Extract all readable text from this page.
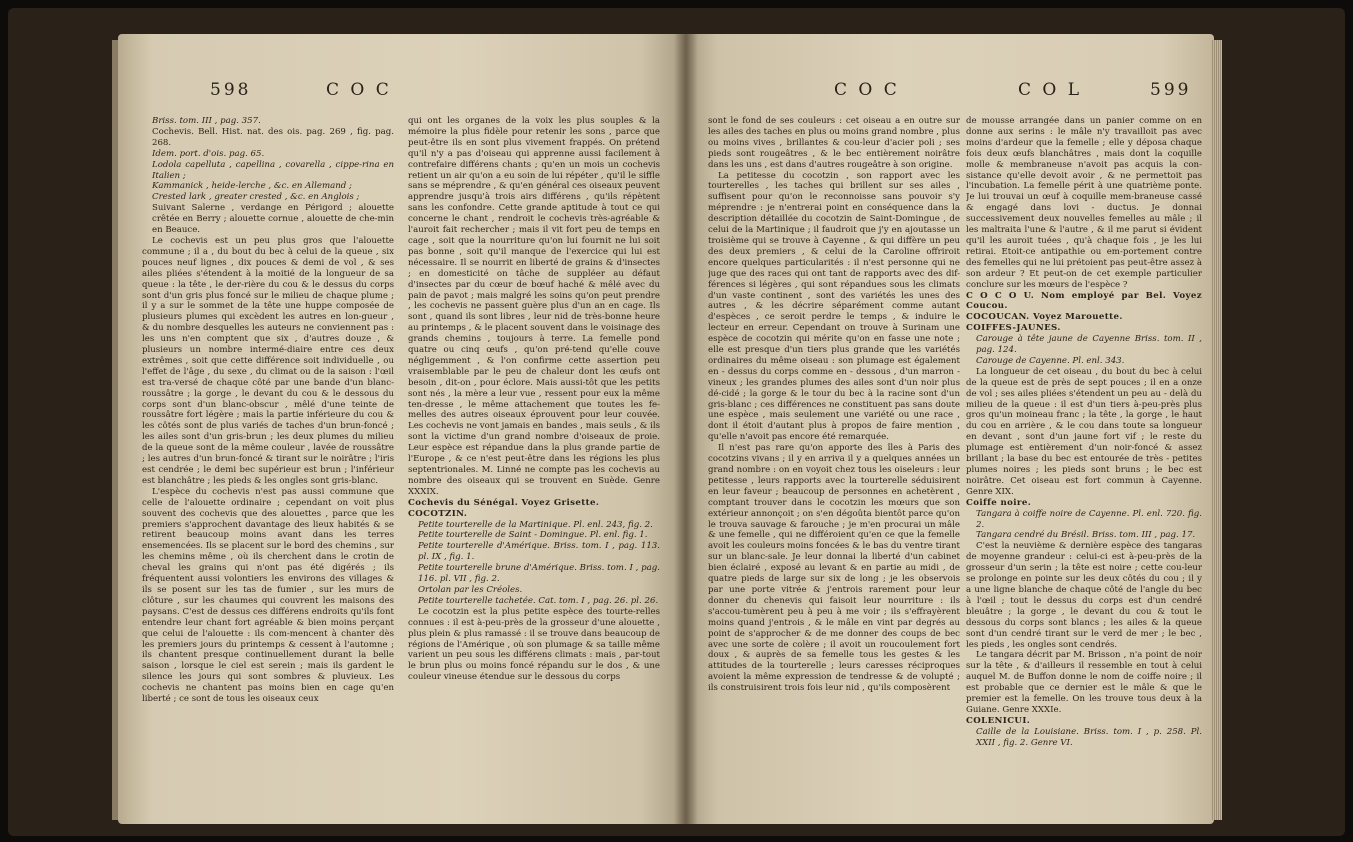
598	C O C

Briss. tom. III , pag. 357.

Cochevis. Bell. Hist. nat. des ois. pag. 269 , fig. pag. 268.

Idem. port. d'ois. pag. 65.

Lodola capelluta , capellina , covarella , cippe-rina en Italien ;

Kammanick , heide-lerche , &c. en Allemand ;

Crested lark , greater crested , &c. en Anglois ;

Suivant Salerne , verdange en Périgord ; alouette crêtée en Berry ; alouette cornue , alouette de che-min en Beauce.

Le cochevis est un peu plus gros que l'alouette commune ; il a , du bout du bec à celui de la queue , six pouces neuf lignes , dix pouces & demi de vol , & ses ailes pliées s'étendent à la moitié de la longueur de sa queue : la tête , le der-rière du cou & le dessus du corps sont d'un gris plus foncé sur le milieu de chaque plume ; il y a sur le sommet de la tête une huppe composée de plusieurs plumes qui excèdent les autres en lon-gueur , & du nombre desquelles les auteurs ne conviennent pas : les uns n'en comptent que six , d'autres douze , & plusieurs un nombre intermé-diaire entre ces deux extrêmes , soit que cette différence soit individuelle , ou l'effet de l'âge , du sexe , du climat ou de la saison : l'œil est tra-versé de chaque côté par une bande d'un blanc-roussâtre ; la gorge , le devant du cou & le dessous du corps sont d'un blanc-obscur , mêlé d'une teinte de roussâtre fort légère ; mais la partie inférieure du cou & les côtés sont de plus variés de taches d'un brun-foncé ; les ailes sont d'un gris-brun ; les deux plumes du milieu de la queue sont de la même couleur , lavée de roussâtre ; les autres d'un brun-foncé & tirant sur le noirâtre ; l'iris est cendrée ; le demi bec supérieur est brun ; l'inférieur est blanchâtre ; les pieds & les ongles sont gris-blanc.

L'espèce du cochevis n'est pas aussi commune que celle de l'alouette ordinaire ; cependant on voit plus souvent des cochevis que des alouettes , parce que les premiers s'approchent davantage des lieux habités & se retirent beaucoup moins avant dans les terres ensemencées. Ils se placent sur le bord des chemins , sur les chemins même , où ils cherchent dans le crotin de cheval les grains qui n'ont pas été digérés ; ils fréquentent aussi volontiers les environs des villages & ils se posent sur les tas de fumier , sur les murs de clôture , sur les chaumes qui couvrent les maisons des paysans. C'est de dessus ces différens endroits qu'ils font entendre leur chant fort agréable & bien moins perçant que celui de l'alouette : ils com-mencent à chanter dès les premiers jours du printemps & cessent à l'automne ; ils chantent presque continuellement durant la belle saison , lorsque le ciel est serein ; mais ils gardent le silence les jours qui sont sombres & pluvieux. Les cochevis ne chantent pas moins bien en cage qu'en liberté ; ce sont de tous les oiseaux ceux

qui ont les organes de la voix les plus souples & la mémoire la plus fidèle pour retenir les sons , parce que peut-être ils en sont plus vivement frappés. On prétend qu'il n'y a pas d'oiseau qui apprenne aussi facilement à contrefaire différens chants ; qu'en un mois un cochevis retient un air qu'on a eu soin de lui répéter , qu'il le siffle sans se méprendre , & qu'en général ces oiseaux peuvent apprendre jusqu'à trois airs différens , qu'ils répètent sans les confondre. Cette grande aptitude à tout ce qui concerne le chant , rendroit le cochevis très-agréable & l'auroit fait rechercher ; mais il vit fort peu de temps en cage , soit que la nourriture qu'on lui fournit ne lui soit pas bonne , soit qu'il manque de l'exercice qui lui est nécessaire. Il se nourrit en liberté de grains & d'insectes ; en domesticité on tâche de suppléer au défaut d'insectes par du cœur de bœuf haché & mêlé avec du pain de pavot ; mais malgré les soins qu'on peut prendre , les cochevis ne passent guère plus d'un an en cage. Ils sont , quand ils sont libres , leur nid de très-bonne heure au printemps , & le placent souvent dans le voisinage des grands chemins , toujours à terre. La femelle pond quatre ou cinq œufs , qu'on pré-tend qu'elle couve négligemment , & l'on confirme cette assertion peu vraisemblable par le peu de chaleur dont les œufs ont besoin , dit-on , pour éclore. Mais aussi-tôt que les petits sont nés , la mère a leur vue , ressent pour eux la même ten-dresse , le même attachement que toutes les fe-melles des autres oiseaux éprouvent pour leur couvée. Les cochevis ne vont jamais en bandes , mais seuls , & ils sont la victime d'un grand nombre d'oiseaux de proie. Leur espèce est répandue dans la plus grande partie de l'Europe , & ce n'est peut-être dans les régions les plus septentrionales. M. Linné ne compte pas les cochevis au nombre des oiseaux qui se trouvent en Suède. Genre XXXIX.

Cochevis du Sénégal. Voyez Grisette.

COCOTZIN.

Petite tourterelle de la Martinique. Pl. enl. 243, fig. 2.

Petite tourterelle de Saint - Domingue. Pl. enl. fig. 1.

Petite tourterelle d'Amérique. Briss. tom. I , pag. 113. pl. IX , fig. 1.

Petite tourterelle brune d'Amérique. Briss. tom. I , pag. 116. pl. VII , fig. 2.

Ortolan par les Créoles.

Petite tourterelle tachetée. Cat. tom. I , pag. 26. pl. 26.

Le cocotzin est la plus petite espèce des tourte-relles connues : il est à-peu-près de la grosseur d'une alouette , plus plein & plus ramassé : il se trouve dans beaucoup de régions de l'Amérique , où son plumage & sa taille même varient un peu sous les différens climats : mais , par-tout le brun plus ou moins foncé répandu sur le dos , & une couleur vineuse étendue sur le dessous du corps

C O C	C O L	599

sont le fond de ses couleurs : cet oiseau a en outre sur les ailes des taches en plus ou moins grand nombre , plus ou moins vives , brillantes & cou-leur d'acier poli ; ses pieds sont rougeâtres , & le bec entièrement noirâtre dans les uns , est dans d'autres rougeâtre à son origine.

La petitesse du cocotzin , son rapport avec les tourterelles , les taches qui brillent sur ses ailes , suffisent pour qu'on le reconnoisse sans pouvoir s'y méprendre : je n'entrerai point en conséquence dans la description détaillée du cocotzin de Saint-Domingue , de celui de la Martinique ; il faudroit que j'y en ajoutasse un troisième qui se trouve à Cayenne , & qui diffère un peu des deux premiers , & celui de la Caroline offriroit encore quelques particularités : il n'est personne qui ne juge que des races qui ont tant de rapports avec des dif-férences si légères , qui sont répandues sous les climats d'un vaste continent , sont des variétés les unes des autres , & les décrire séparément comme autant d'espèces , ce seroit perdre le temps , & induire le lecteur en erreur. Cependant on trouve à Surinam une espèce de cocotzin qui mérite qu'on en fasse une note ; elle est presque d'un tiers plus grande que les variétés ordinaires du même oiseau : son plumage est également en - dessus du corps comme en - dessous , d'un marron - vineux ; les grandes plumes des ailes sont d'un noir plus dé-cidé ; la gorge & le tour du bec à la racine sont d'un gris-blanc ; ces différences ne constituent pas sans doute une espèce , mais seulement une variété ou une race , dont il étoit d'autant plus à propos de faire mention , qu'elle n'avoit pas encore été remarquée.

Il n'est pas rare qu'on apporte des îles à Paris des cocotzins vivans ; il y en arriva il y a quelques années un grand nombre : on en voyoit chez tous les oiseleurs : leur petitesse , leurs rapports avec la tourterelle séduisirent en leur faveur ; beaucoup de personnes en achetèrent , comptant trouver dans le cocotzin les mœurs que son extérieur annonçoit ; on s'en dégoûta bientôt parce qu'on le trouva sauvage & farouche ; je m'en procurai un mâle & une femelle , qui ne différoient qu'en ce que la femelle avoit les couleurs moins foncées & le bas du ventre tirant sur un blanc-sale. Je leur donnai la liberté d'un cabinet bien éclairé , exposé au levant & en partie au midi , de quatre pieds de large sur six de long ; je les observois par une porte vitrée & j'entrois rarement pour leur donner du chenevis qui faisoit leur nourriture : ils s'accou-tumèrent peu à peu à me voir ; ils s'effrayèrent moins quand j'entrois , & le mâle en vint par degrés au point de s'approcher & de me donner des coups de bec avec une sorte de colère ; il avoit un roucoulement fort doux , & auprès de sa femelle tous les gestes & les attitudes de la tourterelle ; leurs caresses réciproques avoient la même expression de tendresse & de volupté ; ils construisirent trois fois leur nid , qu'ils composèrent

de mousse arrangée dans un panier comme on en donne aux serins : le mâle n'y travailloit pas avec moins d'ardeur que la femelle ; elle y déposa chaque fois deux œufs blanchâtres , mais dont la coquille molle & membraneuse n'avoit pas acquis la con-sistance qu'elle devoit avoir , & ne permettoit pas l'incubation. La femelle périt à une quatrième ponte. Je lui trouvai un œuf à coquille mem-braneuse cassé & engagé dans lovi - ductus. Je donnai successivement deux nouvelles femelles au mâle ; il les maltraita l'une & l'autre , & il me parut si évident qu'il les auroit tuées , qu'à chaque fois , je les lui retirai. Etoit-ce antipathie ou em-portement contre des femelles qui ne lui prétoient pas peut-être assez à son ardeur ? Et peut-on de cet exemple particulier conclure sur les mœurs de l'espèce ?

C O C O U. Nom employé par Bel. Voyez Coucou.

COCOUCAN. Voyez Marouette.

COIFFES-JAUNES.

Carouge à tête jaune de Cayenne Briss. tom. II , pag. 124.

Carouge de Cayenne. Pl. enl. 343.

La longueur de cet oiseau , du bout du bec à celui de la queue est de près de sept pouces ; il en a onze de vol ; ses ailes pliées s'étendent un peu au - delà du milieu de la queue : il est d'un tiers à-peu-près plus gros qu'un moineau franc ; la tête , la gorge , le haut du cou en arrière , & le cou dans toute sa longueur en devant , sont d'un jaune fort vif ; le reste du plumage est entièrement d'un noir-foncé & assez brillant ; la base du bec est entourée de très - petites plumes noires ; les pieds sont bruns ; le bec est noirâtre. Cet oiseau est fort commun à Cayenne. Genre XIX.

Coiffe noire.

Tangara à coiffe noire de Cayenne. Pl. enl. 720. fig. 2.

Tangara cendré du Brésil. Briss. tom. III , pag. 17.

C'est la neuvième & dernière espèce des tangaras de moyenne grandeur : celui-ci est à-peu-près de la grosseur d'un serin ; la tête est noire ; cette cou-leur se prolonge en pointe sur les deux côtés du cou ; il y a une ligne blanche de chaque côté de l'angle du bec à l'œil ; tout le dessus du corps est d'un cendré bleuâtre ; la gorge , le devant du cou & tout le dessous du corps sont blancs ; les ailes & la queue sont d'un cendré tirant sur le verd de mer ; le bec , les pieds , les ongles sont cendrés.

Le tangara décrit par M. Brisson , n'a point de noir sur la tête , & d'ailleurs il ressemble en tout à celui auquel M. de Buffon donne le nom de coiffe noire ; il est probable que ce dernier est le mâle & que le premier est la femelle. On les trouve tous deux à la Guiane. Genre XXXIe.

COLENICUI.

Caille de la Louisiane. Briss. tom. I , p. 258. Pl. XXII , fig. 2. Genre VI.
